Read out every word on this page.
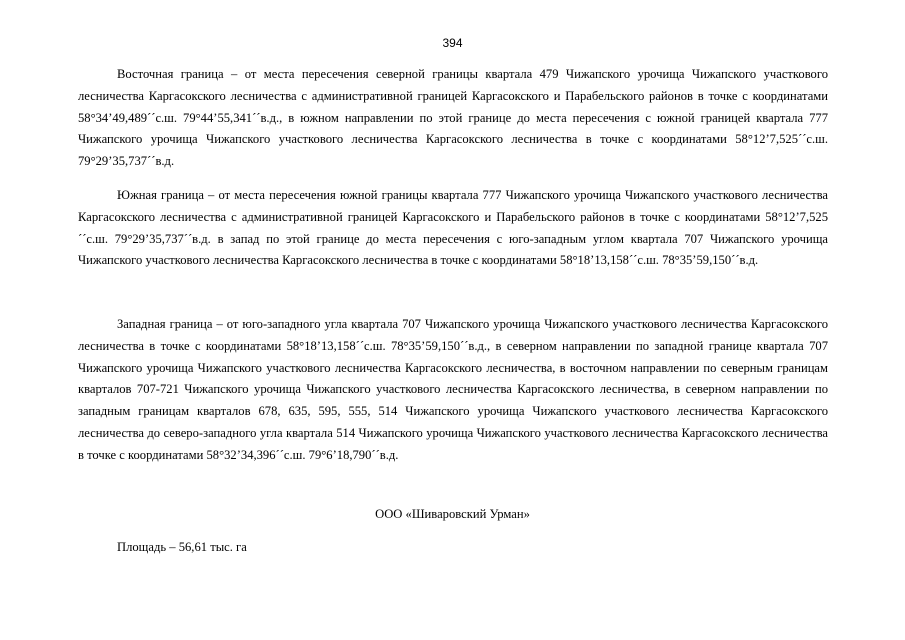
394

Восточная граница – от места пересечения северной границы квартала 479 Чижапского урочища Чижапского участкового лесничества Каргасокского лесничества с административной границей Каргасокского и Парабельского районов в точке с координатами 58°34’49,489´´с.ш. 79°44’55,341´´в.д., в южном направлении по этой границе до места пересечения с южной границей квартала 777 Чижапского урочища Чижапского участкового лесничества Каргасокского лесничества в точке с координатами 58°12’7,525´´с.ш. 79°29’35,737´´в.д.

Южная граница – от места пересечения южной границы квартала 777 Чижапского урочища Чижапского участкового лесничества Каргасокского лесничества с административной границей Каргасокского и Парабельского районов в точке с координатами 58°12’7,525´´с.ш. 79°29’35,737´´в.д. в запад по этой границе до места пересечения с юго-западным углом квартала 707 Чижапского урочища Чижапского участкового лесничества Каргасокского лесничества в точке с координатами 58°18’13,158´´с.ш. 78°35’59,150´´в.д.

Западная граница – от юго-западного угла квартала 707 Чижапского урочища Чижапского участкового лесничества Каргасокского лесничества в точке с координатами 58°18’13,158´´с.ш. 78°35’59,150´´в.д., в северном направлении по западной границе квартала 707 Чижапского урочища Чижапского участкового лесничества Каргасокского лесничества, в восточном направлении по северным границам кварталов 707-721 Чижапского урочища Чижапского участкового лесничества Каргасокского лесничества, в северном направлении по западным границам кварталов 678, 635, 595, 555, 514 Чижапского урочища Чижапского участкового лесничества Каргасокского лесничества до северо-западного угла квартала 514 Чижапского урочища Чижапского участкового лесничества Каргасокского лесничества в точке с координатами 58°32’34,396´´с.ш. 79°6’18,790´´в.д.

ООО «Шиваровский Урман»
Площадь – 56,61 тыс. га
